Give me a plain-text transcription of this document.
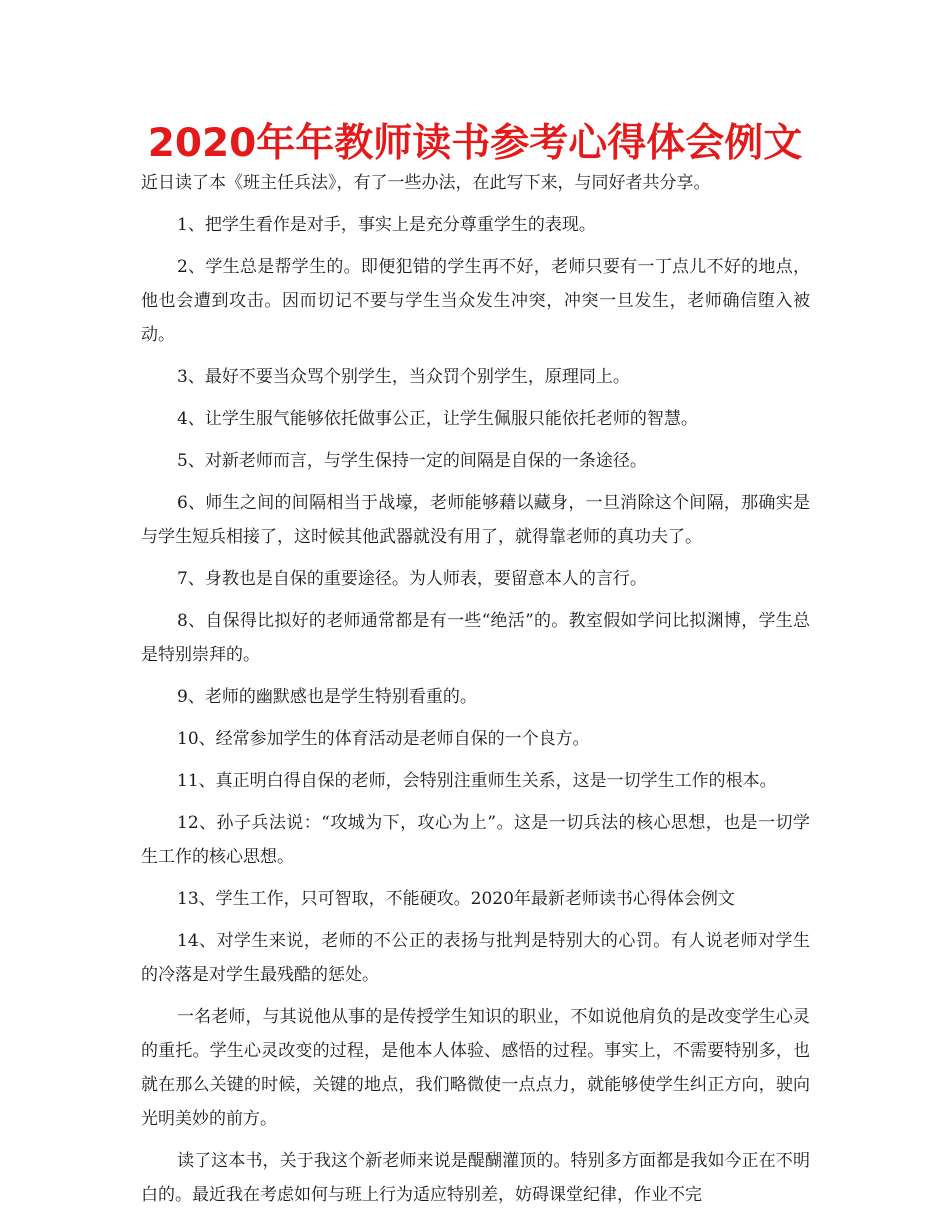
2020年年教师读书参考心得体会例文

近日读了本《班主任兵法》，有了一些办法，在此写下来，与同好者共分享。

1、把学生看作是对手，事实上是充分尊重学生的表现。

2、学生总是帮学生的。即便犯错的学生再不好，老师只要有一丁点儿不好的地点，他也会遭到攻击。因而切记不要与学生当众发生冲突，冲突一旦发生，老师确信堕入被动。

3、最好不要当众骂个别学生，当众罚个别学生，原理同上。

4、让学生服气能够依托做事公正，让学生佩服只能依托老师的智慧。

5、对新老师而言，与学生保持一定的间隔是自保的一条途径。

6、师生之间的间隔相当于战壕，老师能够藉以藏身，一旦消除这个间隔，那确实是与学生短兵相接了，这时候其他武器就没有用了，就得靠老师的真功夫了。

7、身教也是自保的重要途径。为人师表，要留意本人的言行。

8、自保得比拟好的老师通常都是有一些“绝活”的。教室假如学问比拟渊博，学生总是特别崇拜的。

9、老师的幽默感也是学生特别看重的。

10、经常参加学生的体育活动是老师自保的一个良方。

11、真正明白得自保的老师，会特别注重师生关系，这是一切学生工作的根本。

12、孙子兵法说：“攻城为下，攻心为上”。这是一切兵法的核心思想，也是一切学生工作的核心思想。

13、学生工作，只可智取，不能硬攻。2020年最新老师读书心得体会例文

14、对学生来说，老师的不公正的表扬与批判是特别大的心罚。有人说老师对学生的冷落是对学生最残酷的惩处。

一名老师，与其说他从事的是传授学生知识的职业，不如说他肩负的是改变学生心灵的重托。学生心灵改变的过程，是他本人体验、感悟的过程。事实上，不需要特别多，也就在那么关键的时候，关键的地点，我们略微使一点点力，就能够使学生纠正方向，驶向光明美妙的前方。

读了这本书，关于我这个新老师来说是醍醐灌顶的。特别多方面都是我如今正在不明白的。最近我在考虑如何与班上行为适应特别差，妨碍课堂纪律，作业不完
